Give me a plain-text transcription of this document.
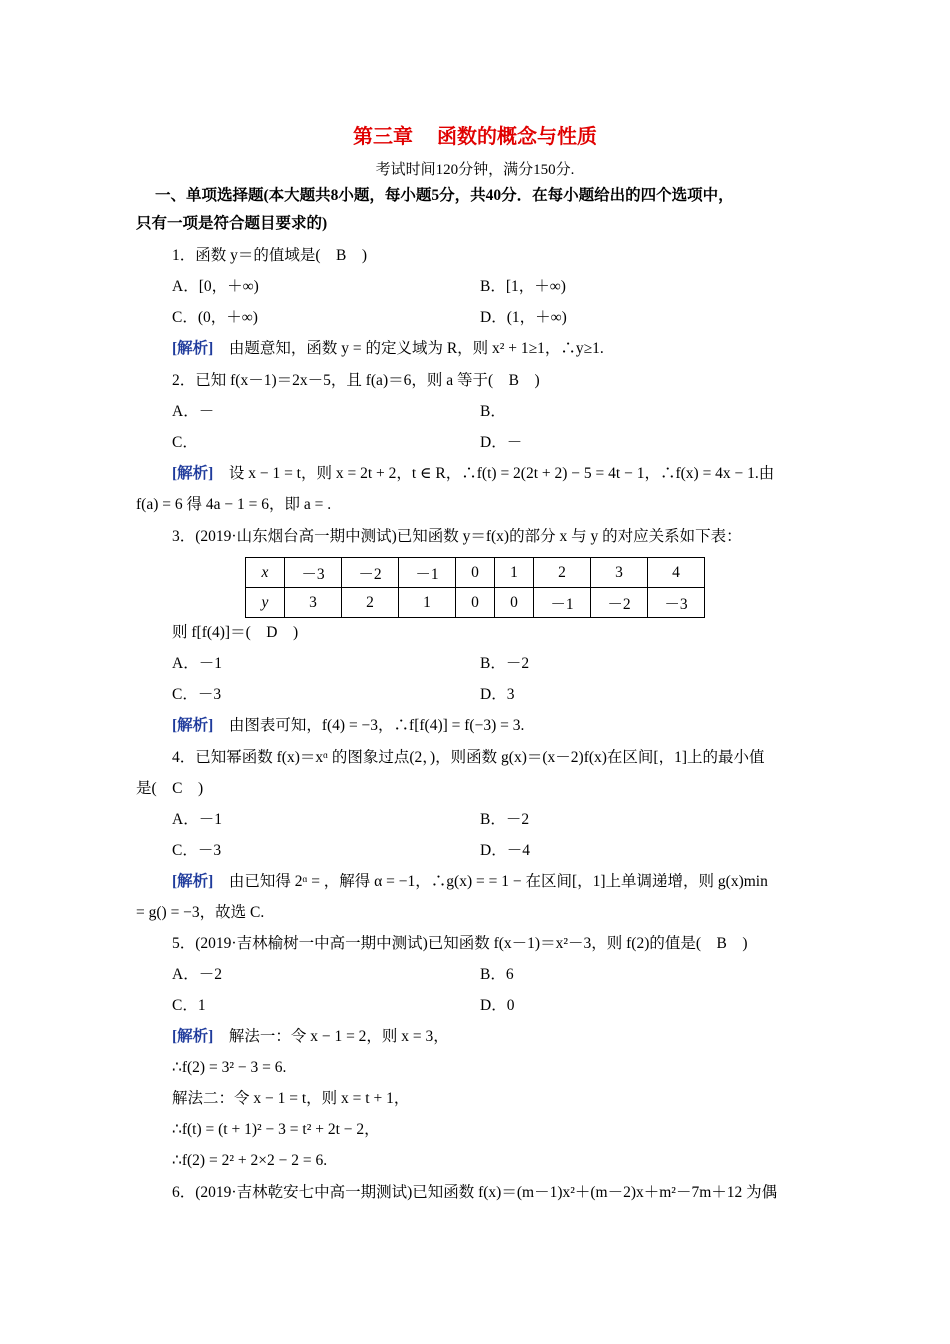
第三章 函数的概念与性质
考试时间120分钟，满分150分.
一、单项选择题(本大题共8小题，每小题5分，共40分．在每小题给出的四个选项中，
只有一项是符合题目要求的)
1．函数 y＝的值域是(　B　)
A．[0，＋∞)	B．[1，＋∞)
C．(0，＋∞)	D．(1，＋∞)
[解析]　由题意知，函数 y = 的定义域为 R，则 x² + 1≥1，∴y≥1.
2．已知 f(x－1)＝2x－5，且 f(a)＝6，则 a 等于(　B　)
A．－	B．
C．	D．－
[解析]　设 x − 1 = t，则 x = 2t + 2，t ∈ R，∴f(t) = 2(2t + 2) − 5 = 4t − 1，∴f(x) = 4x − 1.由
f(a) = 6 得 4a − 1 = 6，即 a = .
3．(2019·山东烟台高一期中测试)已知函数 y＝f(x)的部分 x 与 y 的对应关系如下表：
x	－3	－2	－1	0	1	2	3	4
y	3	2	1	0	0	－1	－2	－3
则 f[f(4)]＝(　D　)
A．－1	B．－2
C．－3	D．3
[解析]　由图表可知，f(4) = −3，∴f[f(4)] = f(−3) = 3.
4．已知幂函数 f(x)＝xᵅ 的图象过点(2，)，则函数 g(x)＝(x－2)f(x)在区间[，1]上的最小值
是(　C　)
A．－1	B．－2
C．－3	D．－4
[解析]　由已知得 2ᵅ = ，解得 α = −1，∴g(x) = = 1 − 在区间[，1]上单调递增，则 g(x)min
= g() = −3，故选 C.
5．(2019·吉林榆树一中高一期中测试)已知函数 f(x－1)＝x²－3，则 f(2)的值是(　B　)
A．－2	B．6
C．1	D．0
[解析]　解法一：令 x − 1 = 2，则 x = 3，
∴f(2) = 3² − 3 = 6.
解法二：令 x − 1 = t，则 x = t + 1，
∴f(t) = (t + 1)² − 3 = t² + 2t − 2，
∴f(2) = 2² + 2×2 − 2 = 6.
6．(2019·吉林乾安七中高一期测试)已知函数 f(x)＝(m－1)x²＋(m－2)x＋m²－7m＋12 为偶
